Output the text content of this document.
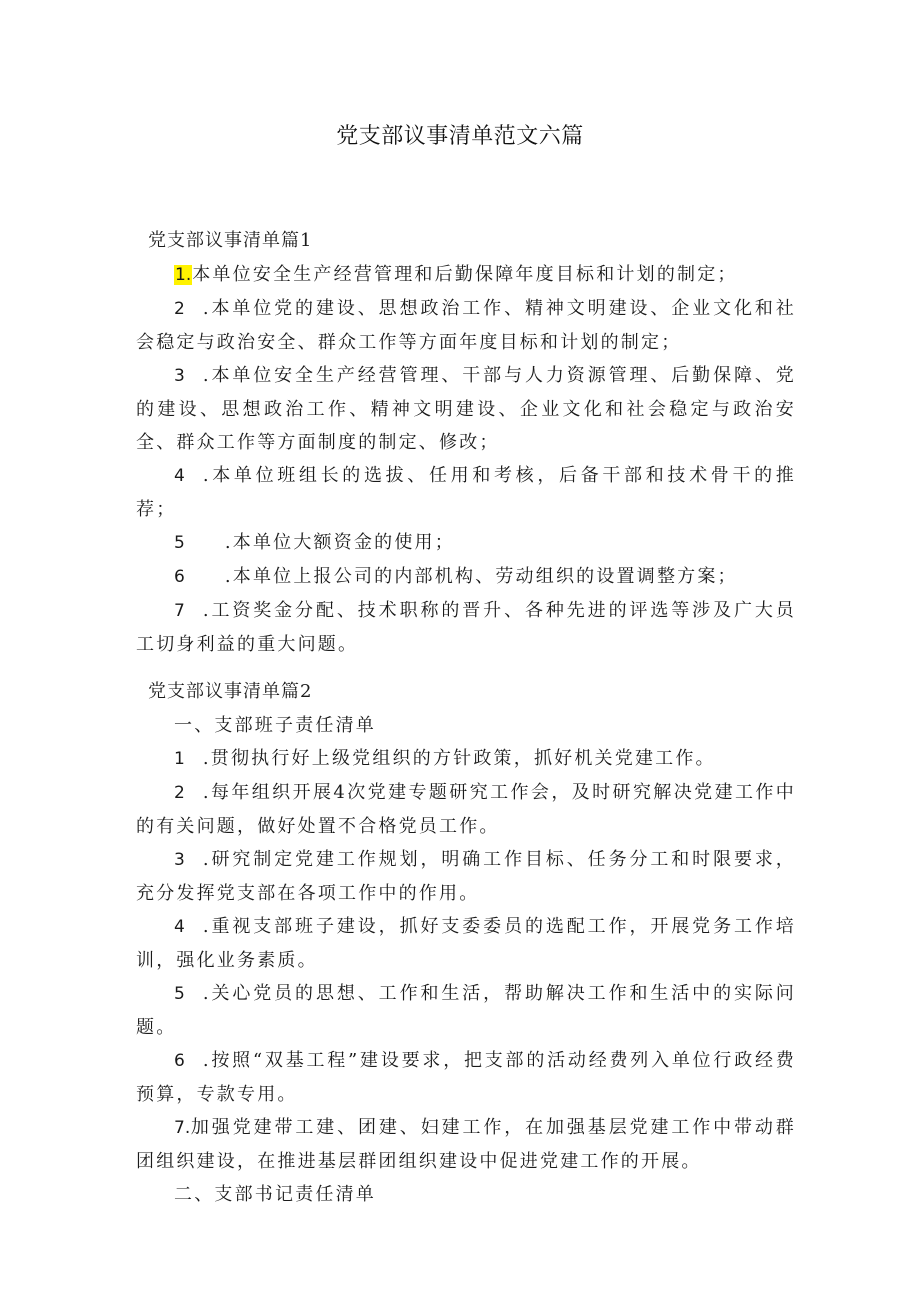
党支部议事清单范文六篇
党支部议事清单篇1

1.本单位安全生产经营管理和后勤保障年度目标和计划的制定；

2 .本单位党的建设、思想政治工作、精神文明建设、企业文化和社会稳定与政治安全、群众工作等方面年度目标和计划的制定；

3 .本单位安全生产经营管理、干部与人力资源管理、后勤保障、党的建设、思想政治工作、精神文明建设、企业文化和社会稳定与政治安全、群众工作等方面制度的制定、修改；

4 .本单位班组长的选拔、任用和考核，后备干部和技术骨干的推荐；

5 .本单位大额资金的使用；

6 .本单位上报公司的内部机构、劳动组织的设置调整方案；

7 .工资奖金分配、技术职称的晋升、各种先进的评选等涉及广大员工切身利益的重大问题。

党支部议事清单篇2

一、支部班子责任清单

1 .贯彻执行好上级党组织的方针政策，抓好机关党建工作。

2 .每年组织开展4次党建专题研究工作会，及时研究解决党建工作中的有关问题，做好处置不合格党员工作。

3 .研究制定党建工作规划，明确工作目标、任务分工和时限要求，充分发挥党支部在各项工作中的作用。

4 .重视支部班子建设，抓好支委委员的选配工作，开展党务工作培训，强化业务素质。

5 .关心党员的思想、工作和生活，帮助解决工作和生活中的实际问题。

6 .按照“双基工程”建设要求，把支部的活动经费列入单位行政经费预算，专款专用。

7.加强党建带工建、团建、妇建工作，在加强基层党建工作中带动群团组织建设，在推进基层群团组织建设中促进党建工作的开展。

二、支部书记责任清单
